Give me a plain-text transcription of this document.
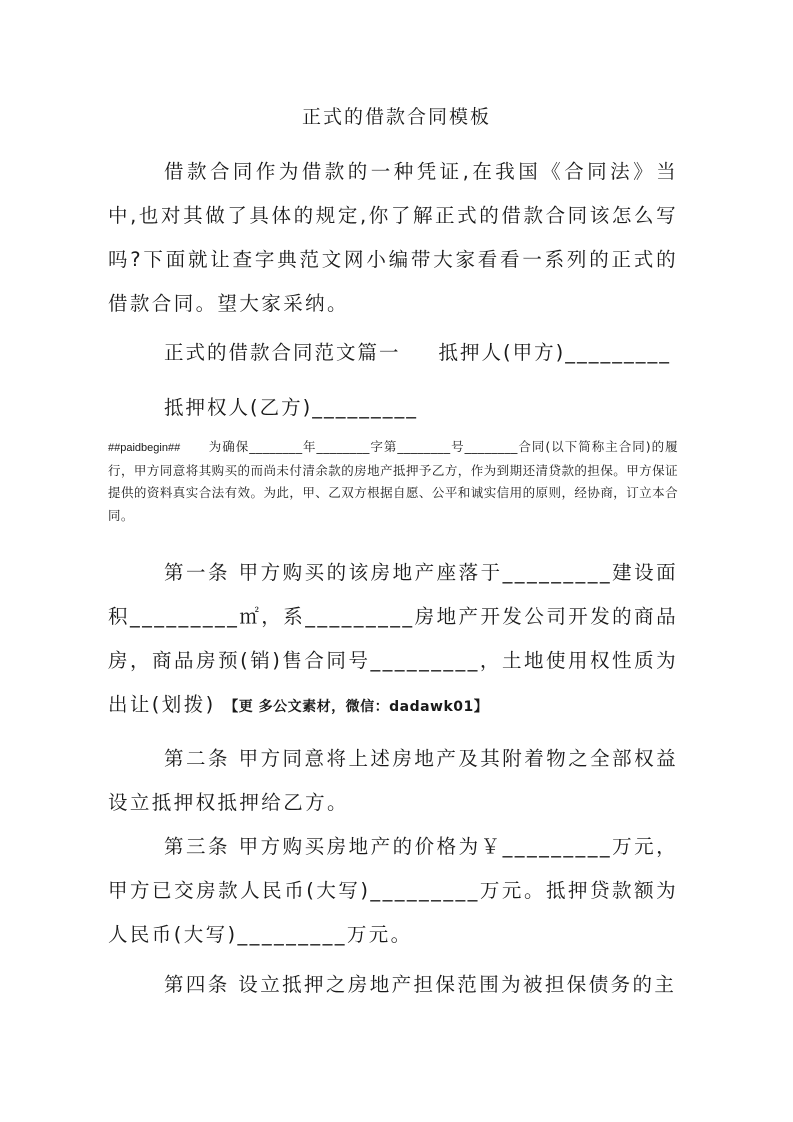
正式的借款合同模板
借款合同作为借款的一种凭证,在我国《合同法》当中,也对其做了具体的规定,你了解正式的借款合同该怎么写吗?下面就让查字典范文网小编带大家看看一系列的正式的借款合同。望大家采纳。
正式的借款合同范文篇一 抵押人(甲方)_________
抵押权人(乙方)_________
##paidbegin## 为确保________年________字第________号________合同(以下简称主合同)的履行，甲方同意将其购买的而尚未付清余款的房地产抵押予乙方，作为到期还清贷款的担保。甲方保证提供的资料真实合法有效。为此，甲、乙双方根据自愿、公平和诚实信用的原则，经协商，订立本合同。
第一条 甲方购买的该房地产座落于_________建设面积_________㎡，系_________房地产开发公司开发的商品房，商品房预(销)售合同号_________，土地使用权性质为出让(划拨) 【更 多公文素材，微信：dadawk01】
第二条 甲方同意将上述房地产及其附着物之全部权益设立抵押权抵押给乙方。
第三条 甲方购买房地产的价格为￥_________万元，甲方已交房款人民币(大写)_________万元。抵押贷款额为人民币(大写)_________万元。
第四条 设立抵押之房地产担保范围为被担保债务的主
